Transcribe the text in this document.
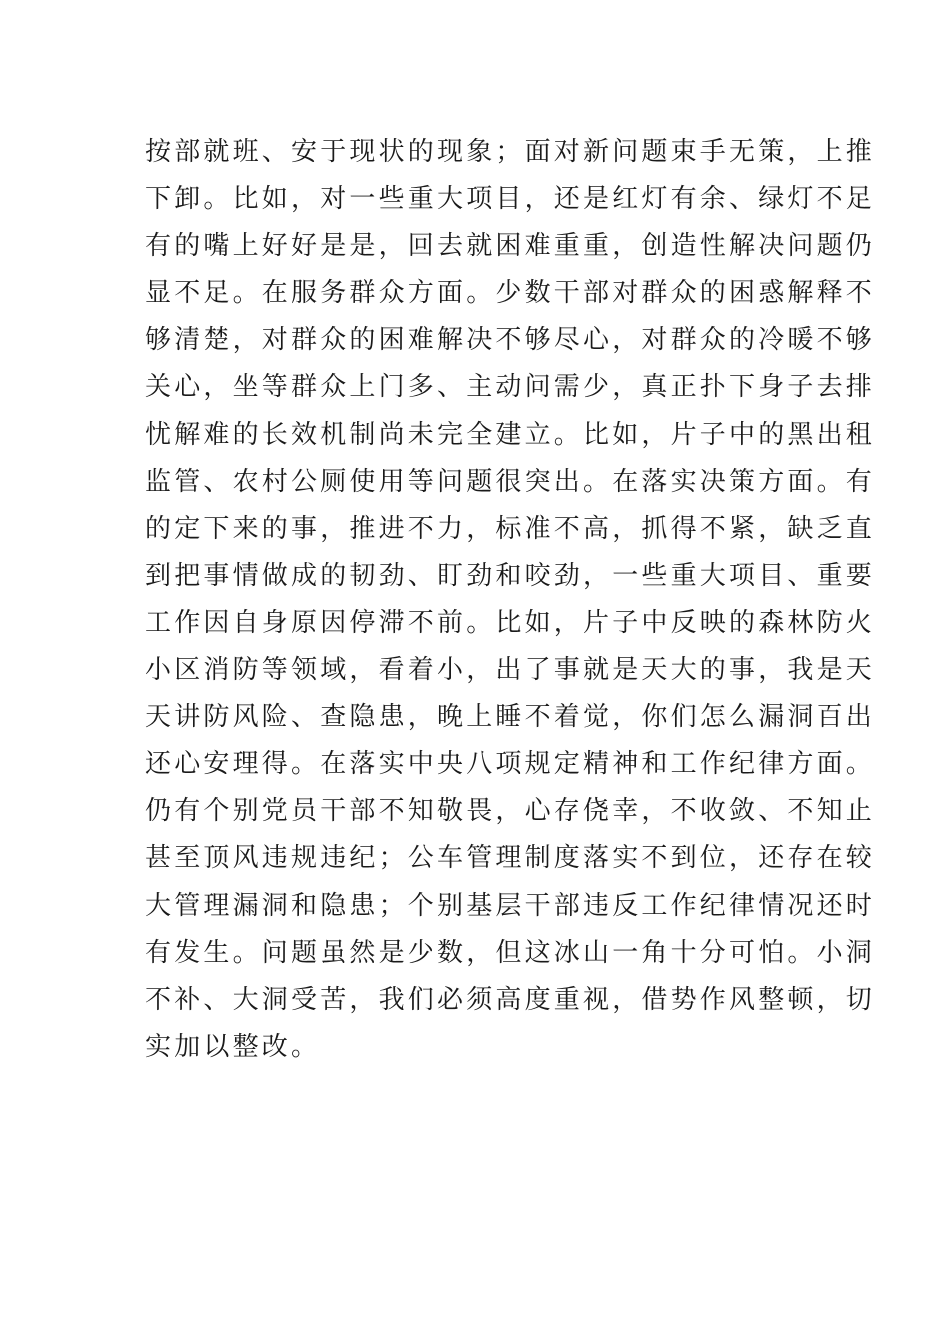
按部就班、安于现状的现象；面对新问题束手无策，上推
下卸。比如，对一些重大项目，还是红灯有余、绿灯不足
有的嘴上好好是是，回去就困难重重，创造性解决问题仍
显不足。在服务群众方面。少数干部对群众的困惑解释不
够清楚，对群众的困难解决不够尽心，对群众的冷暖不够
关心，坐等群众上门多、主动问需少，真正扑下身子去排
忧解难的长效机制尚未完全建立。比如，片子中的黑出租
监管、农村公厕使用等问题很突出。在落实决策方面。有
的定下来的事，推进不力，标准不高，抓得不紧，缺乏直
到把事情做成的韧劲、盯劲和咬劲，一些重大项目、重要
工作因自身原因停滞不前。比如，片子中反映的森林防火
小区消防等领域，看着小，出了事就是天大的事，我是天
天讲防风险、查隐患，晚上睡不着觉，你们怎么漏洞百出
还心安理得。在落实中央八项规定精神和工作纪律方面。
仍有个别党员干部不知敬畏，心存侥幸，不收敛、不知止
甚至顶风违规违纪；公车管理制度落实不到位，还存在较
大管理漏洞和隐患；个别基层干部违反工作纪律情况还时
有发生。问题虽然是少数，但这冰山一角十分可怕。小洞
不补、大洞受苦，我们必须高度重视，借势作风整顿，切
实加以整改。
